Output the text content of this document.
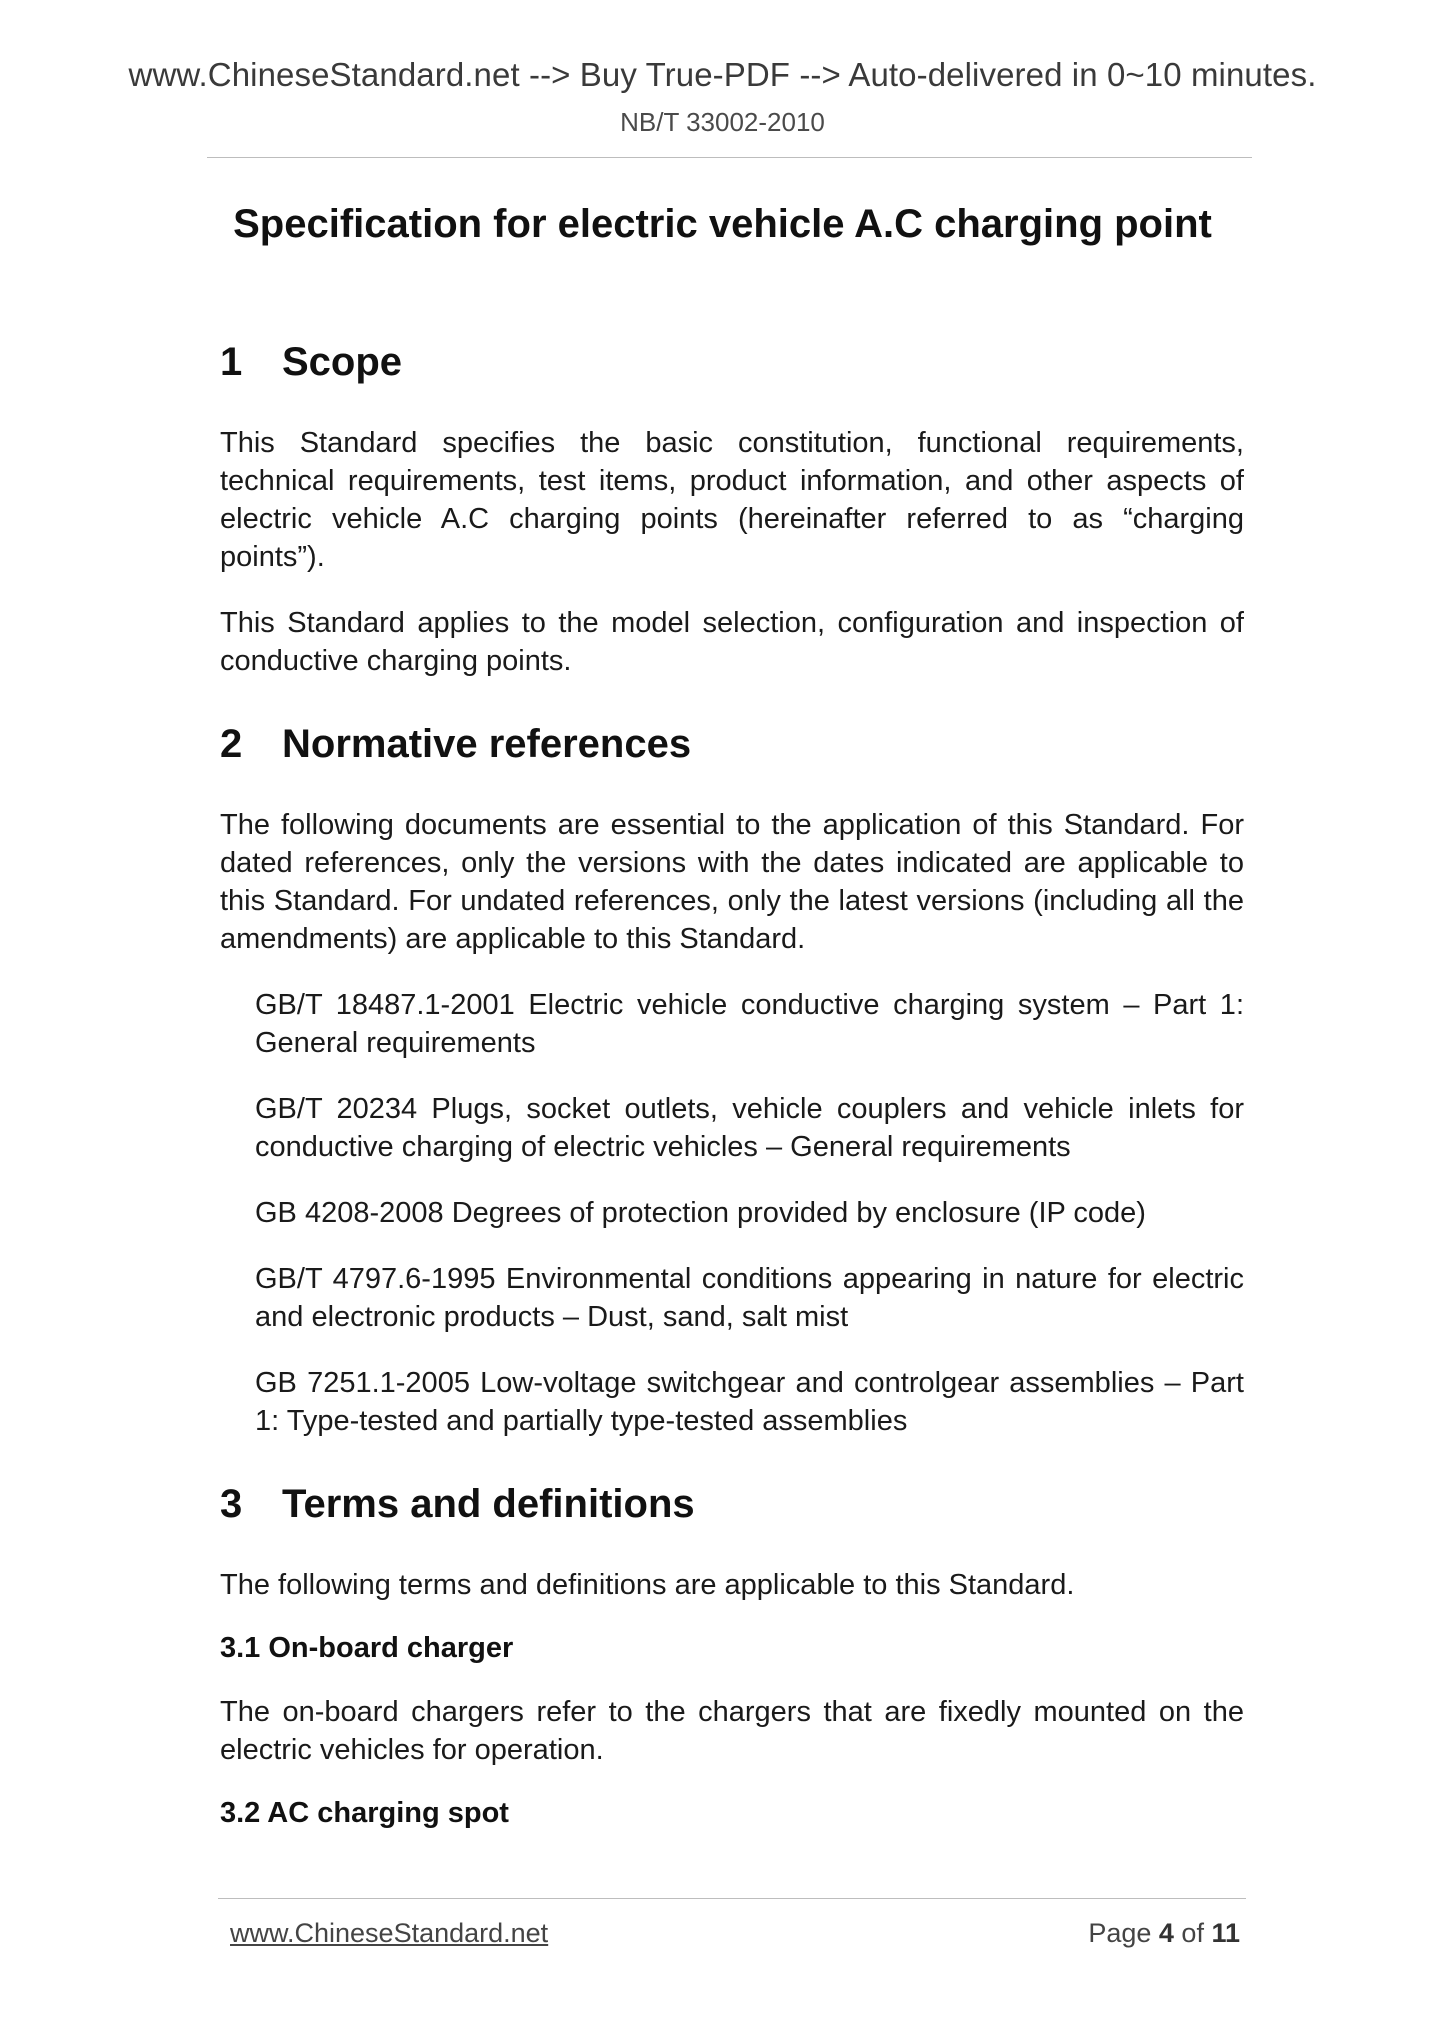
www.ChineseStandard.net --> Buy True-PDF --> Auto-delivered in 0~10 minutes.
NB/T 33002-2010
Specification for electric vehicle A.C charging point
1 Scope

This Standard specifies the basic constitution, functional requirements, technical requirements, test items, product information, and other aspects of electric vehicle A.C charging points (hereinafter referred to as “charging points”).

This Standard applies to the model selection, configuration and inspection of conductive charging points.

2 Normative references

The following documents are essential to the application of this Standard. For dated references, only the versions with the dates indicated are applicable to this Standard. For undated references, only the latest versions (including all the amendments) are applicable to this Standard.

GB/T 18487.1-2001 Electric vehicle conductive charging system – Part 1: General requirements

GB/T 20234 Plugs, socket outlets, vehicle couplers and vehicle inlets for conductive charging of electric vehicles – General requirements

GB 4208-2008 Degrees of protection provided by enclosure (IP code)

GB/T 4797.6-1995 Environmental conditions appearing in nature for electric and electronic products – Dust, sand, salt mist

GB 7251.1-2005 Low-voltage switchgear and controlgear assemblies – Part 1: Type-tested and partially type-tested assemblies

3 Terms and definitions

The following terms and definitions are applicable to this Standard.

3.1 On-board charger

The on-board chargers refer to the chargers that are fixedly mounted on the electric vehicles for operation.

3.2 AC charging spot

www.ChineseStandard.net	Page 4 of 11
